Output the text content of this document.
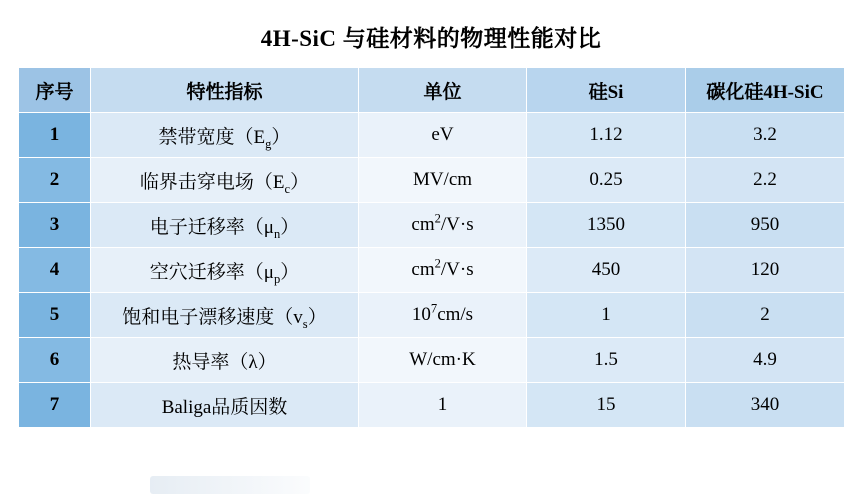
4H-SiC 与硅材料的物理性能对比
序号	特性指标	单位	硅Si	碳化硅4H-SiC
1	禁带宽度$(E_g)$	eV	1.12	3.2
2	临界击穿电场$(E_c)$	MV/cm	0.25	2.2
3	电子迁移率$(\mu_n)$	$cm^2/V\cdot s$	1350	950
4	空穴迁移率$(\mu_p)$	$cm^2/V\cdot s$	450	120
5	饱和电子漂移速度$(v_s)$	$10^7cm/s$	1	2
6	热导率（λ）	W/cm·K	1.5	4.9
7	Baliga品质因数	1	15	340
